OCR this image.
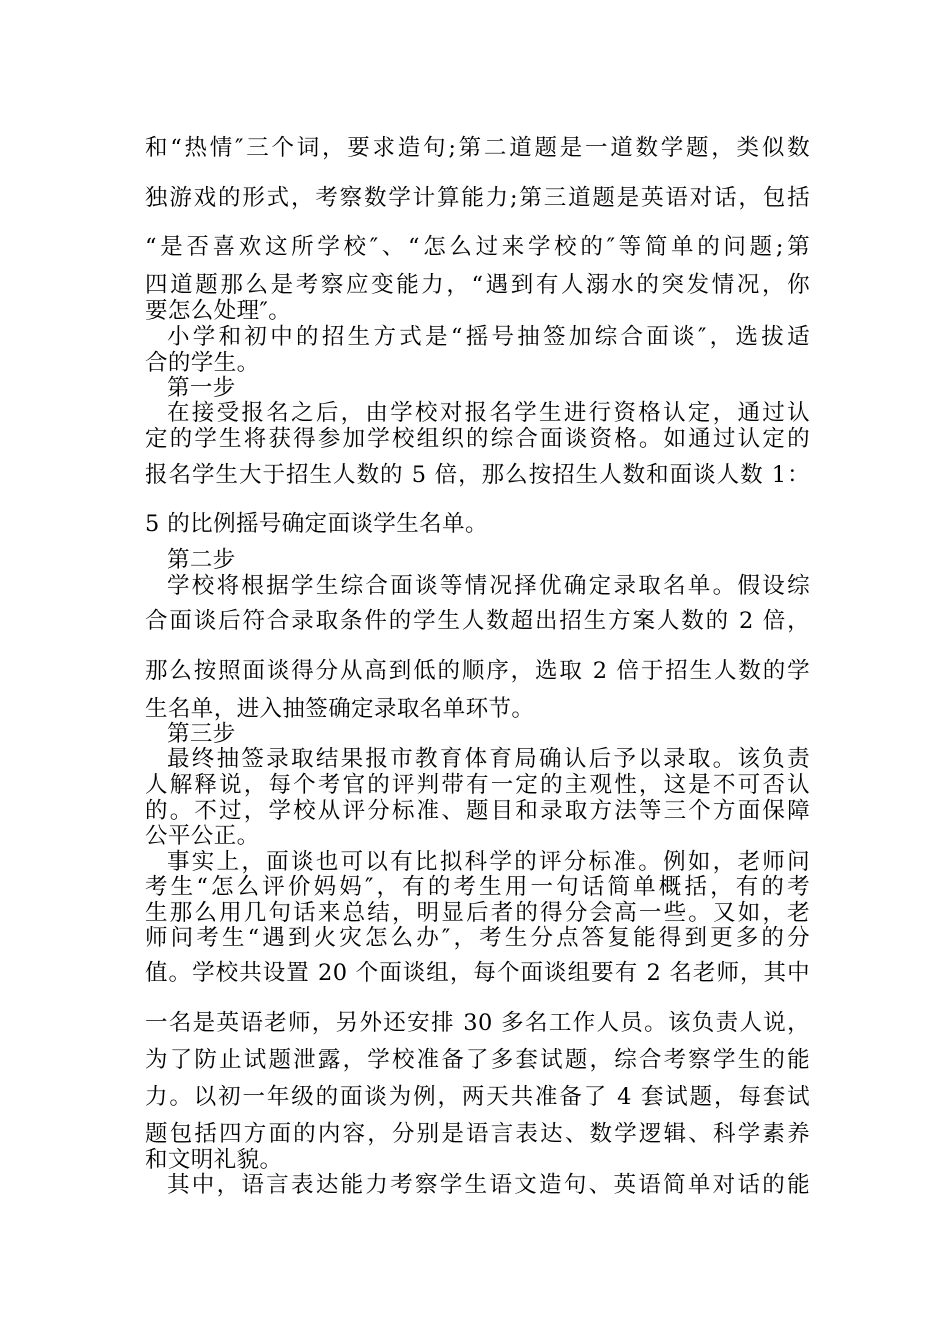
和“热情″三个词，要求造句;第二道题是一道数学题，类似数
独游戏的形式，考察数学计算能力;第三道题是英语对话，包括
“是否喜欢这所学校″、“怎么过来学校的″等简单的问题;第
四道题那么是考察应变能力，“遇到有人溺水的突发情况，你
要怎么处理″。
小学和初中的招生方式是“摇号抽签加综合面谈″，选拔适
合的学生。
第一步
在接受报名之后，由学校对报名学生进行资格认定，通过认
定的学生将获得参加学校组织的综合面谈资格。如通过认定的
报名学生大于招生人数的 5 倍，那么按招生人数和面谈人数 1：
5 的比例摇号确定面谈学生名单。
第二步
学校将根据学生综合面谈等情况择优确定录取名单。假设综
合面谈后符合录取条件的学生人数超出招生方案人数的 2 倍，
那么按照面谈得分从高到低的顺序，选取 2 倍于招生人数的学
生名单，进入抽签确定录取名单环节。
第三步
最终抽签录取结果报市教育体育局确认后予以录取。该负责
人解释说，每个考官的评判带有一定的主观性，这是不可否认
的。不过，学校从评分标准、题目和录取方法等三个方面保障
公平公正。
事实上，面谈也可以有比拟科学的评分标准。例如，老师问
考生“怎么评价妈妈″，有的考生用一句话简单概括，有的考
生那么用几句话来总结，明显后者的得分会高一些。又如，老
师问考生“遇到火灾怎么办″，考生分点答复能得到更多的分
值。学校共设置 20 个面谈组，每个面谈组要有 2 名老师，其中
一名是英语老师，另外还安排 30 多名工作人员。该负责人说，
为了防止试题泄露，学校准备了多套试题，综合考察学生的能
力。以初一年级的面谈为例，两天共准备了 4 套试题，每套试
题包括四方面的内容，分别是语言表达、数学逻辑、科学素养
和文明礼貌。
其中，语言表达能力考察学生语文造句、英语简单对话的能
